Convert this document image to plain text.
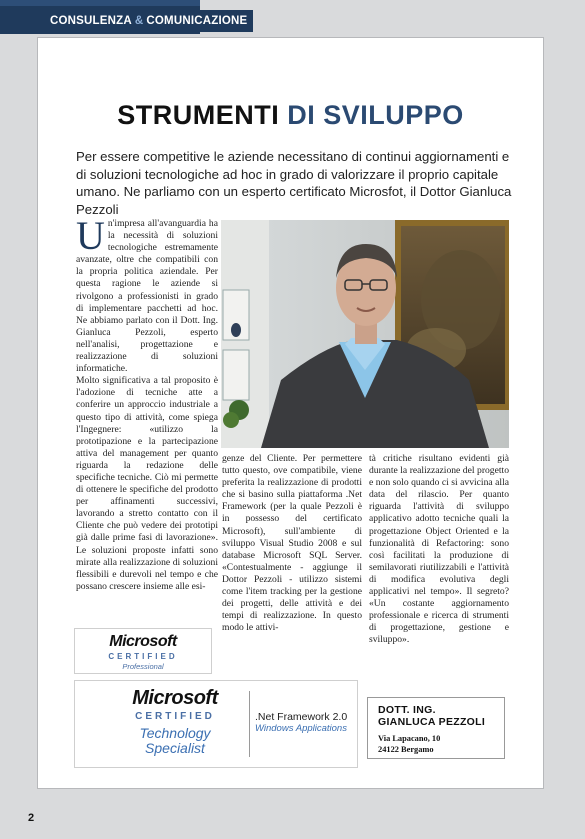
CONSULENZA & COMUNICAZIONE
STRUMENTI DI SVILUPPO
Per essere competitive le aziende necessitano di continui aggiornamenti e di soluzioni tecnologiche ad hoc in grado di valorizzare il proprio capitale umano. Ne parliamo con un esperto certificato Microsfot, il Dottor Gianluca Pezzoli
U n'impresa all'avanguardia ha la necessità di soluzioni tecnologiche estremamente avanzate, oltre che compatibili con la propria politica aziendale. Per questa ragione le aziende si rivolgono a professionisti in grado di implementare pacchetti ad hoc. Ne abbiamo parlato con il Dott. Ing. Gianluca Pezzoli, esperto nell'analisi, progettazione e realizzazione di soluzioni informatiche.
Molto significativa a tal proposito è l'adozione di tecniche atte a conferire un approccio industriale a questo tipo di attività, come spiega l'Ingegnere: «utilizzo la prototipazione e la partecipazione attiva del management per quanto riguarda la redazione delle specifiche tecniche. Ciò mi permette di ottenere le specifiche del prodotto per affinamenti successivi, lavorando a stretto contatto con il Cliente che può vedere dei prototipi già dalle prime fasi di lavorazione». Le soluzioni proposte infatti sono mirate alla realizzazione di soluzioni flessibili e durevoli nel tempo e che possano crescere insieme alle esi-
genze del Cliente. Per permettere tutto questo, ove compatibile, viene preferita la realizzazione di prodotti che si basino sulla piattaforma .Net Framework (per la quale Pezzoli è in possesso del certificato Microsoft), sull'ambiente di sviluppo Visual Studio 2008 e sul database Microsoft SQL Server. «Contestualmente - aggiunge il Dottor Pezzoli - utilizzo sistemi come l'item tracking per la gestione dei progetti, delle attività e dei tempi di realizzazione. In questo modo le attivi-
tà critiche risultano evidenti già durante la realizzazione del progetto e non solo quando ci si avvicina alla data del rilascio. Per quanto riguarda l'attività di sviluppo applicativo adotto tecniche quali la progettazione Object Oriented e la funzionalità di Refactoring: sono così facilitati la produzione di semilavorati riutilizzabili e l'attività di modifica evolutiva degli applicativi nel tempo». Il segreto? «Un costante aggiornamento professionale e ricerca di strumenti di progettazione, gestione e sviluppo».
Microsoft
CERTIFIED
Professional
Microsoft
CERTIFIED
Technology
Specialist
.Net Framework 2.0
Windows Applications
DOTT. ING.
GIANLUCA PEZZOLI
Via Lapacano, 10
24122 Bergamo
2
